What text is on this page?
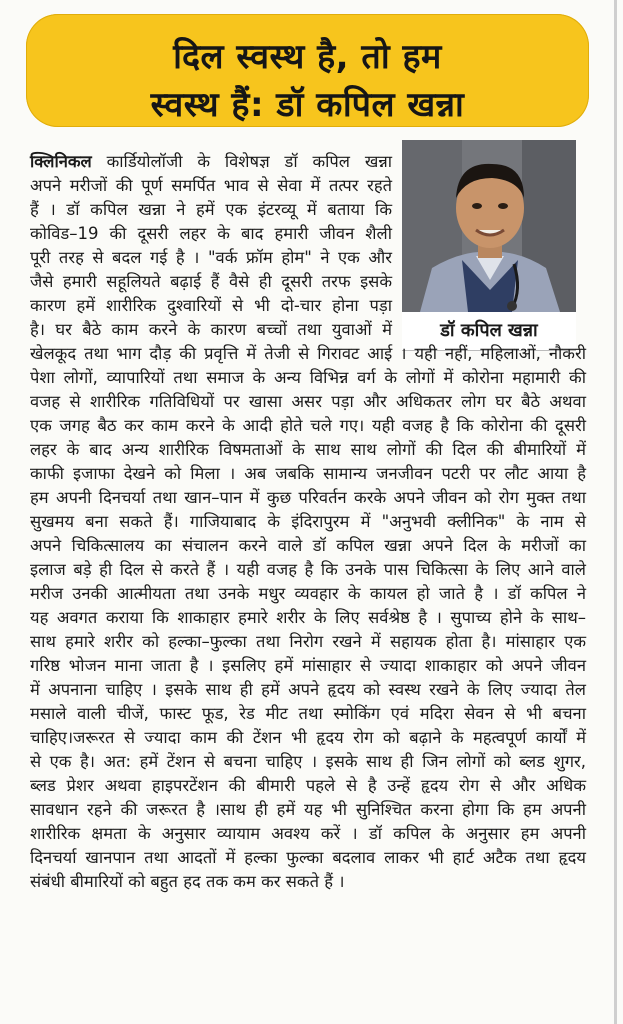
दिल स्वस्थ है, तो हम
स्वस्थ हैं: डॉ कपिल खन्ना
डॉ कपिल खन्ना
क्लिनिकल कार्डियोलॉजी के विशेषज्ञ डॉ कपिल खन्ना
अपने मरीजों की पूर्ण समर्पित भाव से सेवा में तत्पर रहते
हैं । डॉ कपिल खन्ना ने हमें एक इंटरव्यू में बताया कि
कोविड–19 की दूसरी लहर के बाद हमारी जीवन शैली
पूरी तरह से बदल गई है । "वर्क फ्रॉम होम" ने एक और
जैसे हमारी सहूलियते बढ़ाई हैं वैसे ही दूसरी तरफ इसके
कारण हमें शारीरिक दुश्वारियों से भी दो-चार होना पड़ा
है। घर बैठे काम करने के कारण बच्चों तथा युवाओं में
खेलकूद तथा भाग दौड़ की प्रवृत्ति में तेजी से गिरावट आई । यही नहीं, महिलाओं, नौकरी
पेशा लोगों, व्यापारियों तथा समाज के अन्य विभिन्न वर्ग के लोगों में कोरोना महामारी की
वजह से शारीरिक गतिविधियों पर खासा असर पड़ा और अधिकतर लोग घर बैठे अथवा
एक जगह बैठ कर काम करने के आदी होते चले गए। यही वजह है कि कोरोना की दूसरी
लहर के बाद अन्य शारीरिक विषमताओं के साथ साथ लोगों की दिल की बीमारियों में
काफी इजाफा देखने को मिला । अब जबकि सामान्य जनजीवन पटरी पर लौट आया है
हम अपनी दिनचर्या तथा खान–पान में कुछ परिवर्तन करके अपने जीवन को रोग मुक्त तथा
सुखमय बना सकते हैं। गाजियाबाद के इंदिरापुरम में "अनुभवी क्लीनिक" के नाम से
अपने चिकित्सालय का संचालन करने वाले डॉ कपिल खन्ना अपने दिल के मरीजों का
इलाज बड़े ही दिल से करते हैं । यही वजह है कि उनके पास चिकित्सा के लिए आने वाले
मरीज उनकी आत्मीयता तथा उनके मधुर व्यवहार के कायल हो जाते है । डॉ कपिल ने
यह अवगत कराया कि शाकाहार हमारे शरीर के लिए सर्वश्रेष्ठ है । सुपाच्य होने के साथ–
साथ हमारे शरीर को हल्का–फुल्का तथा निरोग रखने में सहायक होता है। मांसाहार एक
गरिष्ठ भोजन माना जाता है । इसलिए हमें मांसाहार से ज्यादा शाकाहार को अपने जीवन
में अपनाना चाहिए । इसके साथ ही हमें अपने हृदय को स्वस्थ रखने के लिए ज्यादा तेल
मसाले वाली चीजें, फास्ट फूड, रेड मीट तथा स्मोकिंग एवं मदिरा सेवन से भी बचना
चाहिए।जरूरत से ज्यादा काम की टेंशन भी हृदय रोग को बढ़ाने के महत्वपूर्ण कार्यों में
से एक है। अत: हमें टेंशन से बचना चाहिए । इसके साथ ही जिन लोगों को ब्लड शुगर,
ब्लड प्रेशर अथवा हाइपरटेंशन की बीमारी पहले से है उन्हें हृदय रोग से और अधिक
सावधान रहने की जरूरत है ।साथ ही हमें यह भी सुनिश्चित करना होगा कि हम अपनी
शारीरिक क्षमता के अनुसार व्यायाम अवश्य करें । डॉ कपिल के अनुसार हम अपनी
दिनचर्या खानपान तथा आदतों में हल्का फुल्का बदलाव लाकर भी हार्ट अटैक तथा हृदय
संबंधी बीमारियों को बहुत हद तक कम कर सकते हैं ।
